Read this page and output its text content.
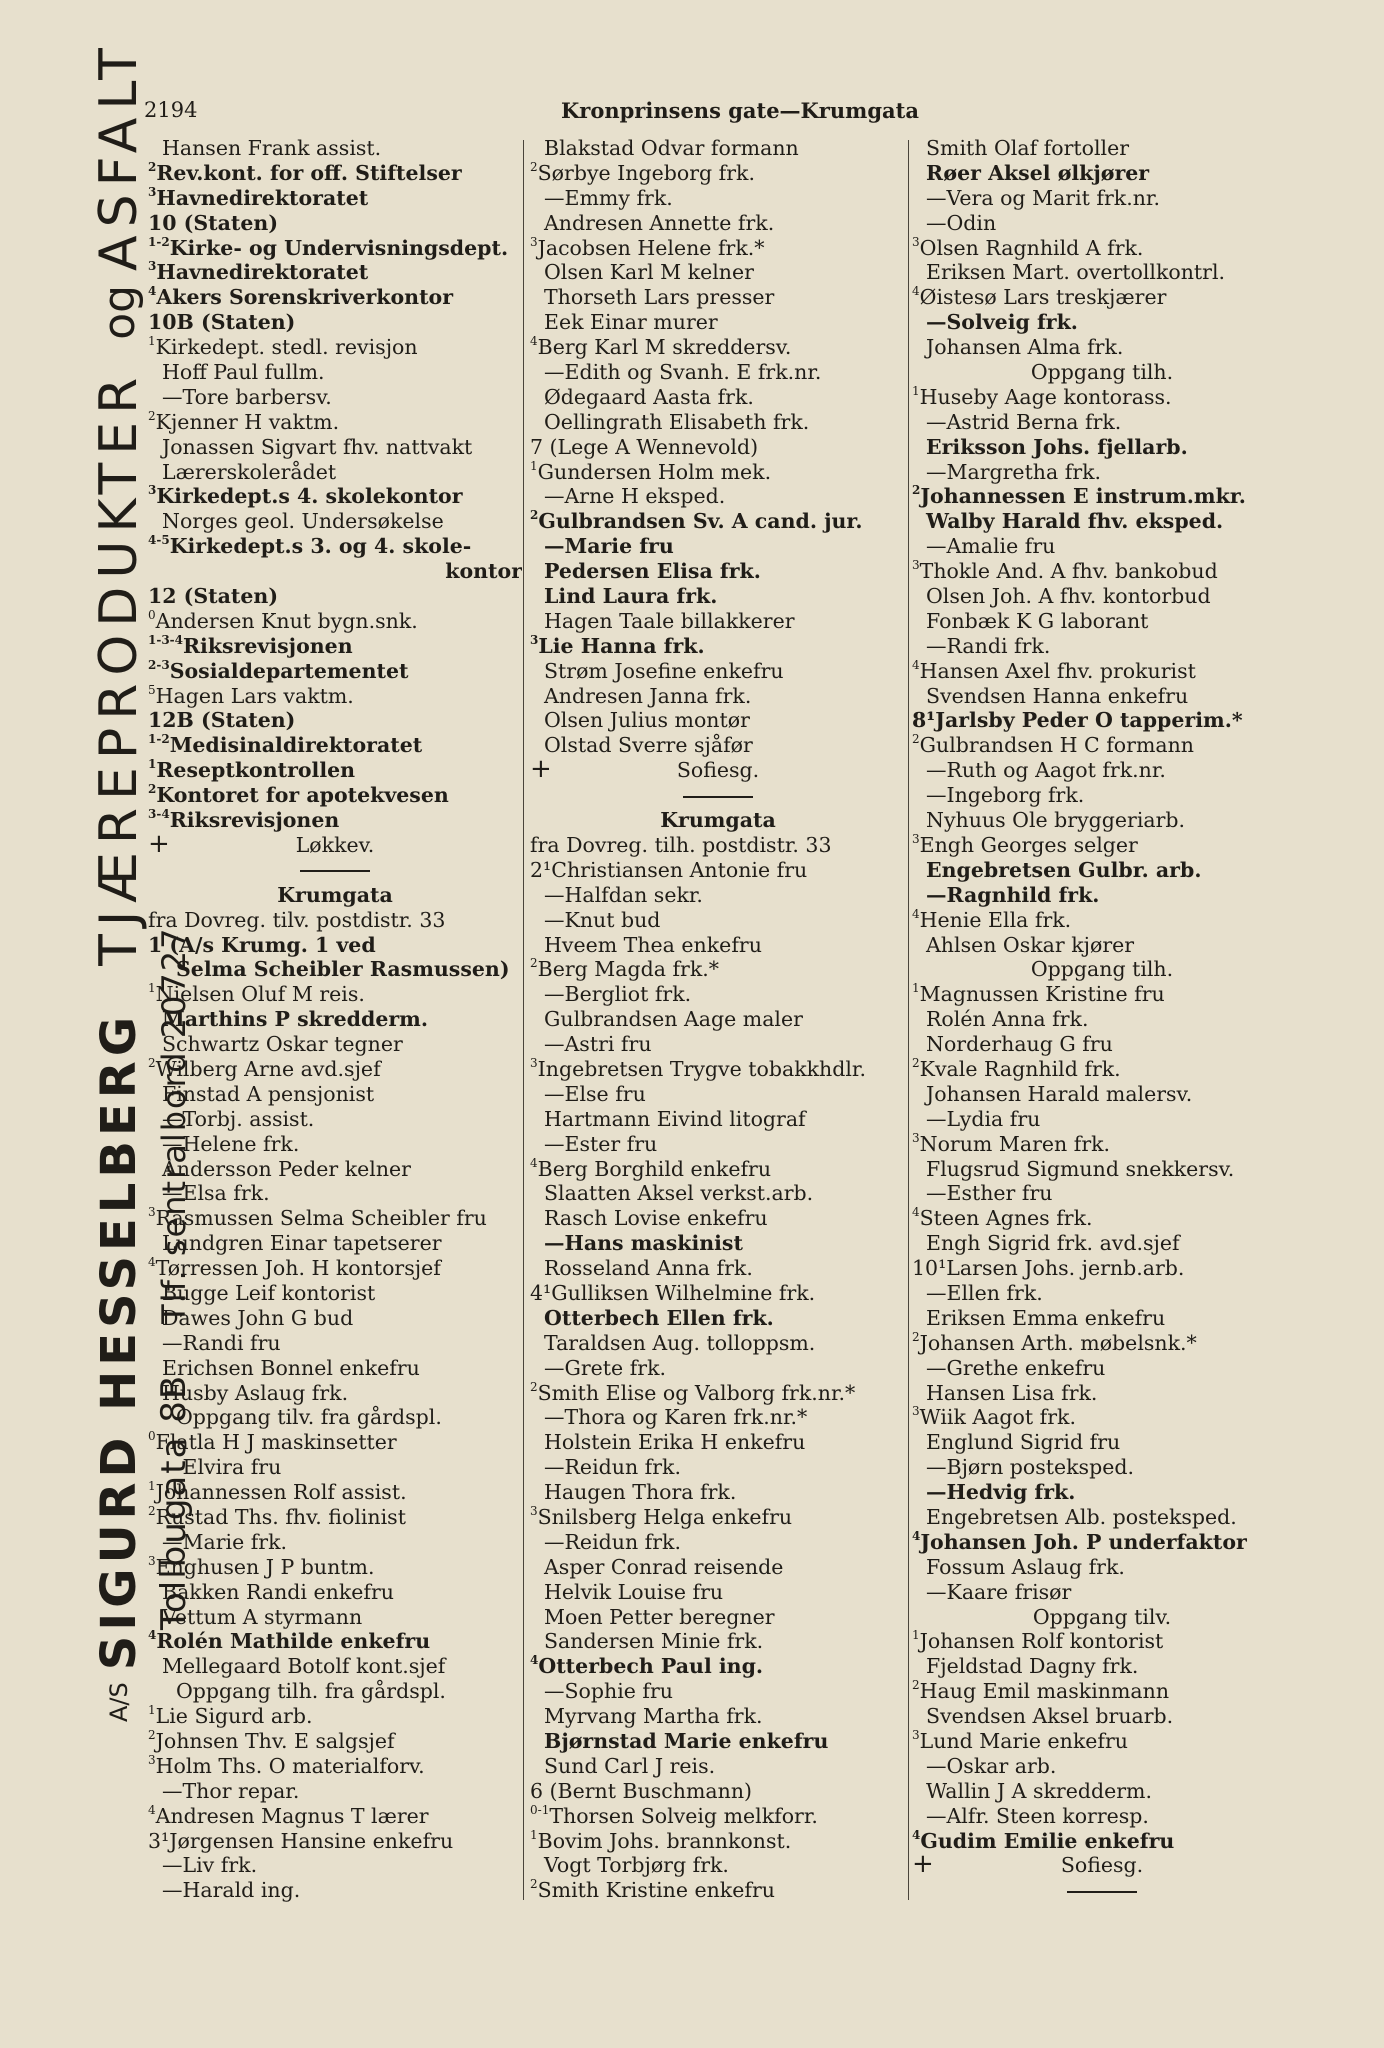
2194	Kronprinsens gate—Krumgata
A/S
SIGURD HESSELBERG
TJÆREPRODUKTER
og
ASFALT
Tollbugata 8B
Tlf. sentralbord 20727
Hansen Frank assist.
$^2$Rev.kont. for off. Stiftelser
$^3$Havnedirektoratet
10 (Staten)
$^{1-2}$Kirke- og Undervisningsdept.
$^3$Havnedirektoratet
$^4$Akers Sorenskriverkontor
10B (Staten)
$^1$Kirkedept. stedl. revisjon
Hoff Paul fullm.
—Tore barbersv.
$^2$Kjenner H vaktm.
Jonassen Sigvart fhv. nattvakt
Lærerskolerådet
$^3$Kirkedept.s 4. skolekontor
Norges geol. Undersøkelse
$^{4-5}$Kirkedept.s 3. og 4. skole-
kontor
12 (Staten)
$^0$Andersen Knut bygn.snk.
$^{1-3-4}$Riksrevisjonen
$^{2-3}$Sosialdepartementet
$^5$Hagen Lars vaktm.
12B (Staten)
$^{1-2}$Medisinaldirektoratet
$^1$Reseptkontrollen
$^2$Kontoret for apotekvesen
$^{3-4}$Riksrevisjonen
+	Løkkev.
Krumgata
fra Dovreg. tilv. postdistr. 33
1 (A/s Krumg. 1 ved
Selma Scheibler Rasmussen)
$^1$Nielsen Oluf M reis.
Marthins P skredderm.
Schwartz Oskar tegner
$^2$Wilberg Arne avd.sjef
Finstad A pensjonist
—Torbj. assist.
—Helene frk.
Andersson Peder kelner
—Elsa frk.
$^3$Rasmussen Selma Scheibler fru
Lundgren Einar tapetserer
$^4$Tørressen Joh. H kontorsjef
Bugge Leif kontorist
Dawes John G bud
—Randi fru
Erichsen Bonnel enkefru
Husby Aslaug frk.
Oppgang tilv. fra gårdspl.
$^0$Flatla H J maskinsetter
—Elvira fru
$^1$Johannessen Rolf assist.
$^2$Rustad Ths. fhv. fiolinist
—Marie frk.
$^3$Enghusen J P buntm.
Bakken Randi enkefru
Vettum A styrmann
$^4$Rolén Mathilde enkefru
Mellegaard Botolf kont.sjef
Oppgang tilh. fra gårdspl.
$^1$Lie Sigurd arb.
$^2$Johnsen Thv. E salgsjef
$^3$Holm Ths. O materialforv.
—Thor repar.
$^4$Andresen Magnus T lærer
3¹Jørgensen Hansine enkefru
—Liv frk.
—Harald ing.
Blakstad Odvar formann
$^2$Sørbye Ingeborg frk.
—Emmy frk.
Andresen Annette frk.
$^3$Jacobsen Helene frk.*
Olsen Karl M kelner
Thorseth Lars presser
Eek Einar murer
$^4$Berg Karl M skreddersv.
—Edith og Svanh. E frk.nr.
Ødegaard Aasta frk.
Oellingrath Elisabeth frk.
7 (Lege A Wennevold)
$^1$Gundersen Holm mek.
—Arne H eksped.
$^2$Gulbrandsen Sv. A cand. jur.
—Marie fru
Pedersen Elisa frk.
Lind Laura frk.
Hagen Taale billakkerer
$^3$Lie Hanna frk.
Strøm Josefine enkefru
Andresen Janna frk.
Olsen Julius montør
Olstad Sverre sjåfør
+	Sofiesg.
Krumgata
fra Dovreg. tilh. postdistr. 33
2¹Christiansen Antonie fru
—Halfdan sekr.
—Knut bud
Hveem Thea enkefru
$^2$Berg Magda frk.*
—Bergliot frk.
Gulbrandsen Aage maler
—Astri fru
$^3$Ingebretsen Trygve tobakkhdlr.
—Else fru
Hartmann Eivind litograf
—Ester fru
$^4$Berg Borghild enkefru
Slaatten Aksel verkst.arb.
Rasch Lovise enkefru
—Hans maskinist
Rosseland Anna frk.
4¹Gulliksen Wilhelmine frk.
Otterbech Ellen frk.
Taraldsen Aug. tolloppsm.
—Grete frk.
$^2$Smith Elise og Valborg frk.nr.*
—Thora og Karen frk.nr.*
Holstein Erika H enkefru
—Reidun frk.
Haugen Thora frk.
$^3$Snilsberg Helga enkefru
—Reidun frk.
Asper Conrad reisende
Helvik Louise fru
Moen Petter beregner
Sandersen Minie frk.
$^4$Otterbech Paul ing.
—Sophie fru
Myrvang Martha frk.
Bjørnstad Marie enkefru
Sund Carl J reis.
6 (Bernt Buschmann)
$^{0-1}$Thorsen Solveig melkforr.
$^1$Bovim Johs. brannkonst.
Vogt Torbjørg frk.
$^2$Smith Kristine enkefru
Smith Olaf fortoller
Røer Aksel ølkjører
—Vera og Marit frk.nr.
—Odin
$^3$Olsen Ragnhild A frk.
Eriksen Mart. overtollkontrl.
$^4$Øistesø Lars treskjærer
—Solveig frk.
Johansen Alma frk.
Oppgang tilh.
$^1$Huseby Aage kontorass.
—Astrid Berna frk.
Eriksson Johs. fjellarb.
—Margretha frk.
$^2$Johannessen E instrum.mkr.
Walby Harald fhv. eksped.
—Amalie fru
$^3$Thokle And. A fhv. bankobud
Olsen Joh. A fhv. kontorbud
Fonbæk K G laborant
—Randi frk.
$^4$Hansen Axel fhv. prokurist
Svendsen Hanna enkefru
8¹Jarlsby Peder O tapperim.*
$^2$Gulbrandsen H C formann
—Ruth og Aagot frk.nr.
—Ingeborg frk.
Nyhuus Ole bryggeriarb.
$^3$Engh Georges selger
Engebretsen Gulbr. arb.
—Ragnhild frk.
$^4$Henie Ella frk.
Ahlsen Oskar kjører
Oppgang tilh.
$^1$Magnussen Kristine fru
Rolén Anna frk.
Norderhaug G fru
$^2$Kvale Ragnhild frk.
Johansen Harald malersv.
—Lydia fru
$^3$Norum Maren frk.
Flugsrud Sigmund snekkersv.
—Esther fru
$^4$Steen Agnes frk.
Engh Sigrid frk. avd.sjef
10¹Larsen Johs. jernb.arb.
—Ellen frk.
Eriksen Emma enkefru
$^2$Johansen Arth. møbelsnk.*
—Grethe enkefru
Hansen Lisa frk.
$^3$Wiik Aagot frk.
Englund Sigrid fru
—Bjørn posteksped.
—Hedvig frk.
Engebretsen Alb. posteksped.
$^4$Johansen Joh. P underfaktor
Fossum Aslaug frk.
—Kaare frisør
Oppgang tilv.
$^1$Johansen Rolf kontorist
Fjeldstad Dagny frk.
$^2$Haug Emil maskinmann
Svendsen Aksel bruarb.
$^3$Lund Marie enkefru
—Oskar arb.
Wallin J A skredderm.
—Alfr. Steen korresp.
$^4$Gudim Emilie enkefru
+	Sofiesg.
